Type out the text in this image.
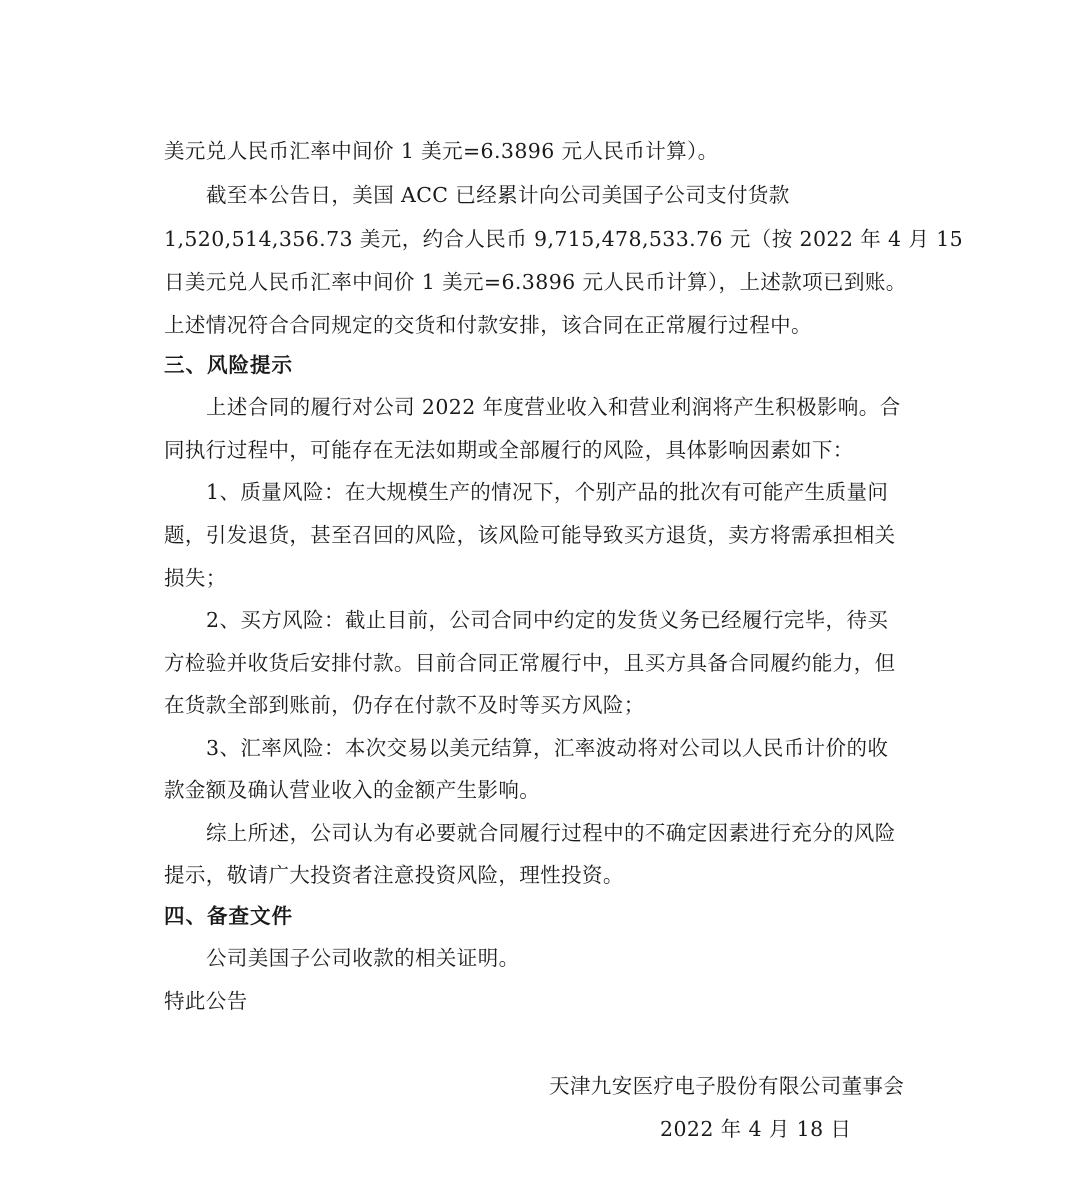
美元兑人民币汇率中间价 1 美元=6.3896 元人民币计算）。
截至本公告日，美国 ACC 已经累计向公司美国子公司支付货款
1,520,514,356.73 美元，约合人民币 9,715,478,533.76 元（按 2022 年 4 月 15
日美元兑人民币汇率中间价 1 美元=6.3896 元人民币计算），上述款项已到账。
上述情况符合合同规定的交货和付款安排，该合同在正常履行过程中。
三、风险提示
上述合同的履行对公司 2022 年度营业收入和营业利润将产生积极影响。合
同执行过程中，可能存在无法如期或全部履行的风险，具体影响因素如下：
1、质量风险：在大规模生产的情况下，个别产品的批次有可能产生质量问
题，引发退货，甚至召回的风险，该风险可能导致买方退货，卖方将需承担相关
损失；
2、买方风险：截止目前，公司合同中约定的发货义务已经履行完毕，待买
方检验并收货后安排付款。目前合同正常履行中，且买方具备合同履约能力，但
在货款全部到账前，仍存在付款不及时等买方风险；
3、汇率风险：本次交易以美元结算，汇率波动将对公司以人民币计价的收
款金额及确认营业收入的金额产生影响。
综上所述，公司认为有必要就合同履行过程中的不确定因素进行充分的风险
提示，敬请广大投资者注意投资风险，理性投资。
四、备查文件
公司美国子公司收款的相关证明。
特此公告
天津九安医疗电子股份有限公司董事会
2022 年 4 月 18 日
